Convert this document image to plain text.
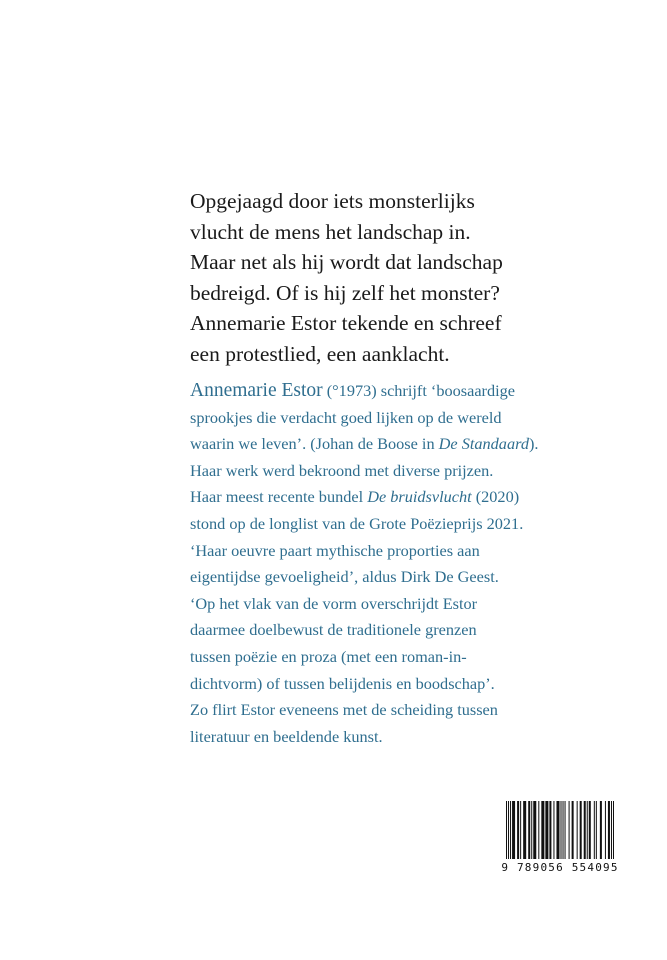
Opgejaagd door iets monsterlijks
vlucht de mens het landschap in.
Maar net als hij wordt dat landschap
bedreigd. Of is hij zelf het monster?
Annemarie Estor tekende en schreef
een protestlied, een aanklacht.
Annemarie Estor (°1973) schrijft ‘boosaardige
sprookjes die verdacht goed lijken op de wereld
waarin we leven’. (Johan de Boose in De Standaard).
Haar werk werd bekroond met diverse prijzen.
Haar meest recente bundel De bruidsvlucht (2020)
stond op de longlist van de Grote Poëzieprijs 2021.
‘Haar oeuvre paart mythische proporties aan
eigentijdse gevoeligheid’, aldus Dirk De Geest.
‘Op het vlak van de vorm overschrijdt Estor
daarmee doelbewust de traditionele grenzen
tussen poëzie en proza (met een roman-in-
dichtvorm) of tussen belijdenis en boodschap’.
Zo flirt Estor eveneens met de scheiding tussen
literatuur en beeldende kunst.
9 789056 554095
